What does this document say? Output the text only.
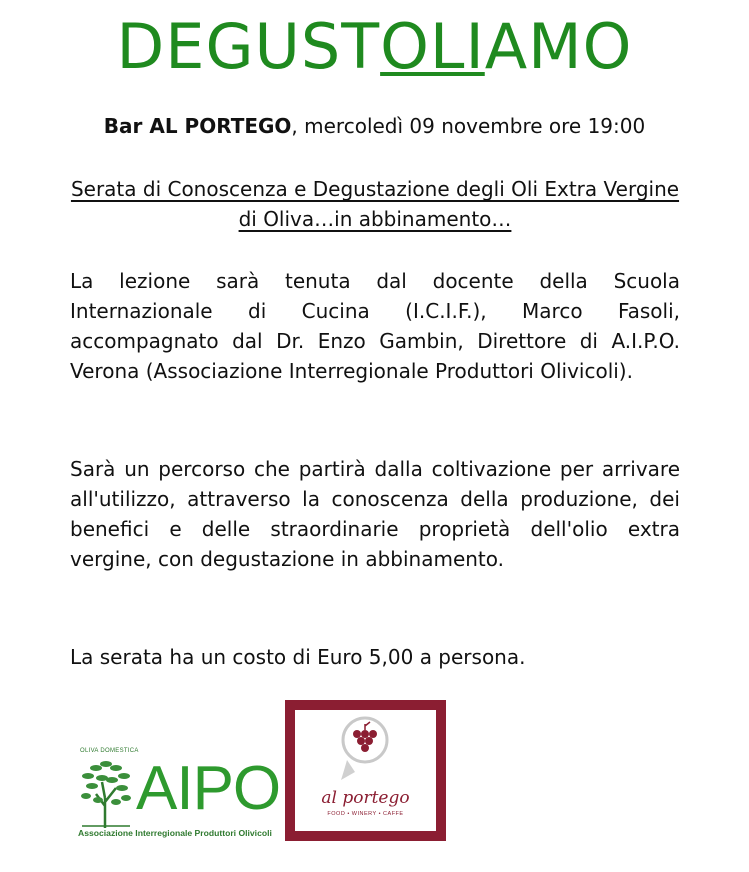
DEGUSTOLIAMO
Bar AL PORTEGO, mercoledì 09 novembre ore 19:00
Serata di Conoscenza e Degustazione degli Oli Extra Vergine di Oliva…in abbinamento…
La lezione sarà tenuta dal docente della Scuola Internazionale di Cucina (I.C.I.F.), Marco Fasoli, accompagnato dal Dr. Enzo Gambin, Direttore di A.I.P.O. Verona (Associazione Interregionale Produttori Olivicoli).
Sarà un percorso che partirà dalla coltivazione per arrivare all'utilizzo, attraverso la conoscenza della produzione, dei benefici e delle straordinarie proprietà dell'olio extra vergine, con degustazione in abbinamento.
La serata ha un costo di Euro 5,00 a persona.
OLIVA DOMESTICA
AIPO
Associazione Interregionale Produttori Olivicoli
al portego
FOOD • WINERY • CAFFE
